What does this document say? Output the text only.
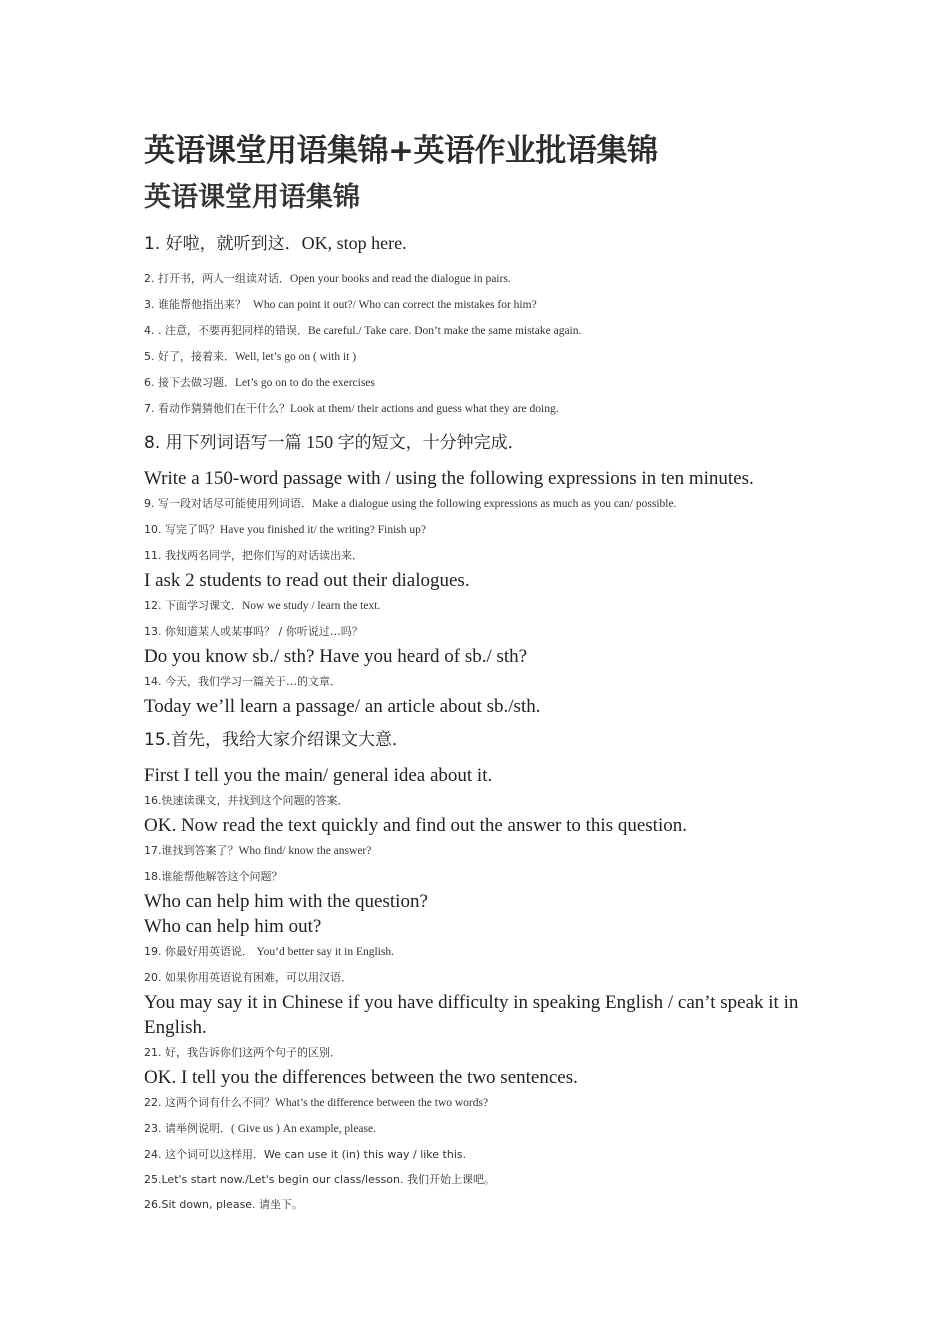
英语课堂用语集锦+英语作业批语集锦
英语课堂用语集锦
1. 好啦，就听到这．OK, stop here.
2. 打开书，两人一组读对话．Open your books and read the dialogue in pairs.
3. 谁能帮他指出来？ Who can point it out?/ Who can correct the mistakes for him?
4. . 注意，不要再犯同样的错误．Be careful./ Take care. Don’t make the same mistake again.
5. 好了，接着来．Well, let’s go on ( with it )
6. 接下去做习题．Let’s go on to do the exercises
7. 看动作猜猜他们在干什么？Look at them/ their actions and guess what they are doing.
8. 用下列词语写一篇 150 字的短文，十分钟完成．
Write a 150-word passage with / using the following expressions in ten minutes.
9. 写一段对话尽可能使用列词语．Make a dialogue using the following expressions as much as you can/ possible.
10. 写完了吗？Have you finished it/ the writing? Finish up?
11. 我找两名同学，把你们写的对话读出来．
I ask 2 students to read out their dialogues.
12. 下面学习课文．Now we study / learn the text.
13. 你知道某人或某事吗？ / 你听说过…吗？
Do you know sb./ sth? Have you heard of sb./ sth?
14. 今天，我们学习一篇关于…的文章．
Today we’ll learn a passage/ an article about sb./sth.
15.首先，我给大家介绍课文大意．
First I tell you the main/ general idea about it.
16.快速读课文，并找到这个问题的答案．
OK. Now read the text quickly and find out the answer to this question.
17.谁找到答案了？Who find/ know the answer?
18.谁能帮他解答这个问题？
Who can help him with the question?
Who can help him out?
19. 你最好用英语说． You’d better say it in English.
20. 如果你用英语说有困难，可以用汉语．
You may say it in Chinese if you have difficulty in speaking English / can’t speak it in English.
21. 好，我告诉你们这两个句子的区别．
OK. I tell you the differences between the two sentences.
22. 这两个词有什么不同？What’s the difference between the two words?
23. 请举例说明．( Give us ) An example, please.
24. 这个词可以这样用．We can use it (in) this way / like this.
25.Let's start now./Let's begin our class/lesson. 我们开始上课吧。
26.Sit down, please. 请坐下。
